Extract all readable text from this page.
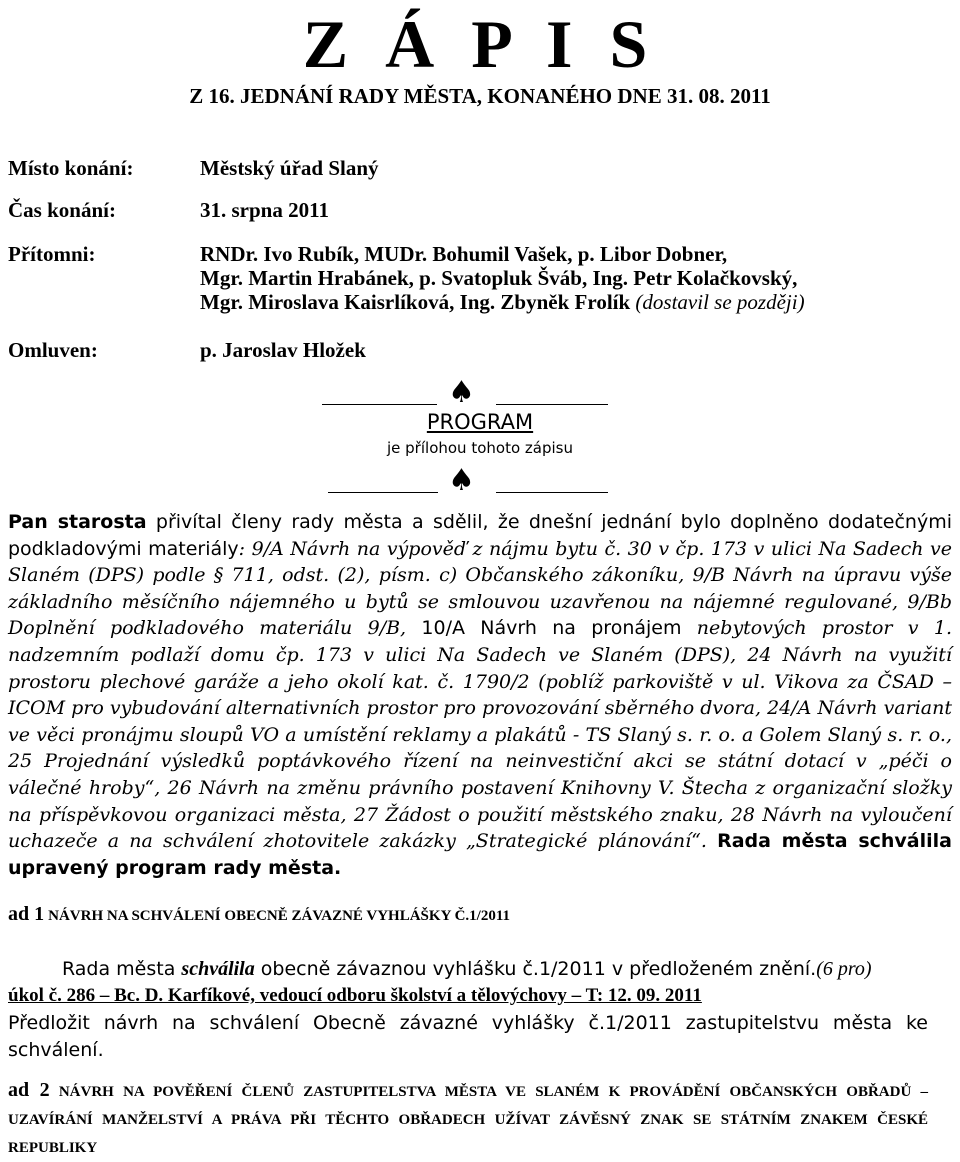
Z Á P I S
Z 16. JEDNÁNÍ RADY MĚSTA, KONANÉHO DNE 31. 08. 2011
Místo konání:	Městský úřad Slaný
Čas konání:	31. srpna 2011
Přítomni:	RNDr. Ivo Rubík, MUDr. Bohumil Vašek, p. Libor Dobner,
Mgr. Martin Hrabánek, p. Svatopluk Šváb, Ing. Petr Kolačkovský,
Mgr. Miroslava Kaisrlíková, Ing. Zbyněk Frolík (dostavil se později)
Omluven:	p. Jaroslav Hložek
♠
PROGRAM
je přílohou tohoto zápisu
♠
Pan starosta přivítal členy rady města a sdělil, že dnešní jednání bylo doplněno dodatečnými podkladovými materiály: 9/A Návrh na výpověď z nájmu bytu č. 30 v čp. 173 v ulici Na Sadech ve Slaném (DPS) podle § 711, odst. (2), písm. c) Občanského zákoníku, 9/B Návrh na úpravu výše základního měsíčního nájemného u bytů se smlouvou uzavřenou na nájemné regulované, 9/Bb Doplnění podkladového materiálu 9/B, 10/A Návrh na pronájem nebytových prostor v 1. nadzemním podlaží domu čp. 173 v ulici Na Sadech ve Slaném (DPS), 24 Návrh na využití prostoru plechové garáže a jeho okolí kat. č. 1790/2 (poblíž parkoviště v ul. Vikova za ČSAD – ICOM pro vybudování alternativních prostor pro provozování sběrného dvora, 24/A Návrh variant ve věci pronájmu sloupů VO a umístění reklamy a plakátů - TS Slaný s. r. o. a Golem Slaný s. r. o., 25 Projednání výsledků poptávkového řízení na neinvestiční akci se státní dotací v „péči o válečné hroby“, 26 Návrh na změnu právního postavení Knihovny V. Štecha z organizační složky na příspěvkovou organizaci města, 27 Žádost o použití městského znaku, 28 Návrh na vyloučení uchazeče a na schválení zhotovitele zakázky „Strategické plánování“. Rada města schválila upravený program rady města.
ad 1 NÁVRH NA SCHVÁLENÍ OBECNĚ ZÁVAZNÉ VYHLÁŠKY Č.1/2011
Rada města schválila obecně závaznou vyhlášku č.1/2011 v předloženém znění.(6 pro)
úkol č. 286 – Bc. D. Karfíkové, vedoucí odboru školství a tělovýchovy – T: 12. 09. 2011
Předložit návrh na schválení Obecně závazné vyhlášky č.1/2011 zastupitelstvu města ke schválení.
ad 2 NÁVRH NA POVĚŘENÍ ČLENŮ ZASTUPITELSTVA MĚSTA VE SLANÉM K PROVÁDĚNÍ OBČANSKÝCH OBŘADŮ – UZAVÍRÁNÍ MANŽELSTVÍ A PRÁVA PŘI TĚCHTO OBŘADECH UŽÍVAT ZÁVĚSNÝ ZNAK SE STÁTNÍM ZNAKEM ČESKÉ REPUBLIKY
